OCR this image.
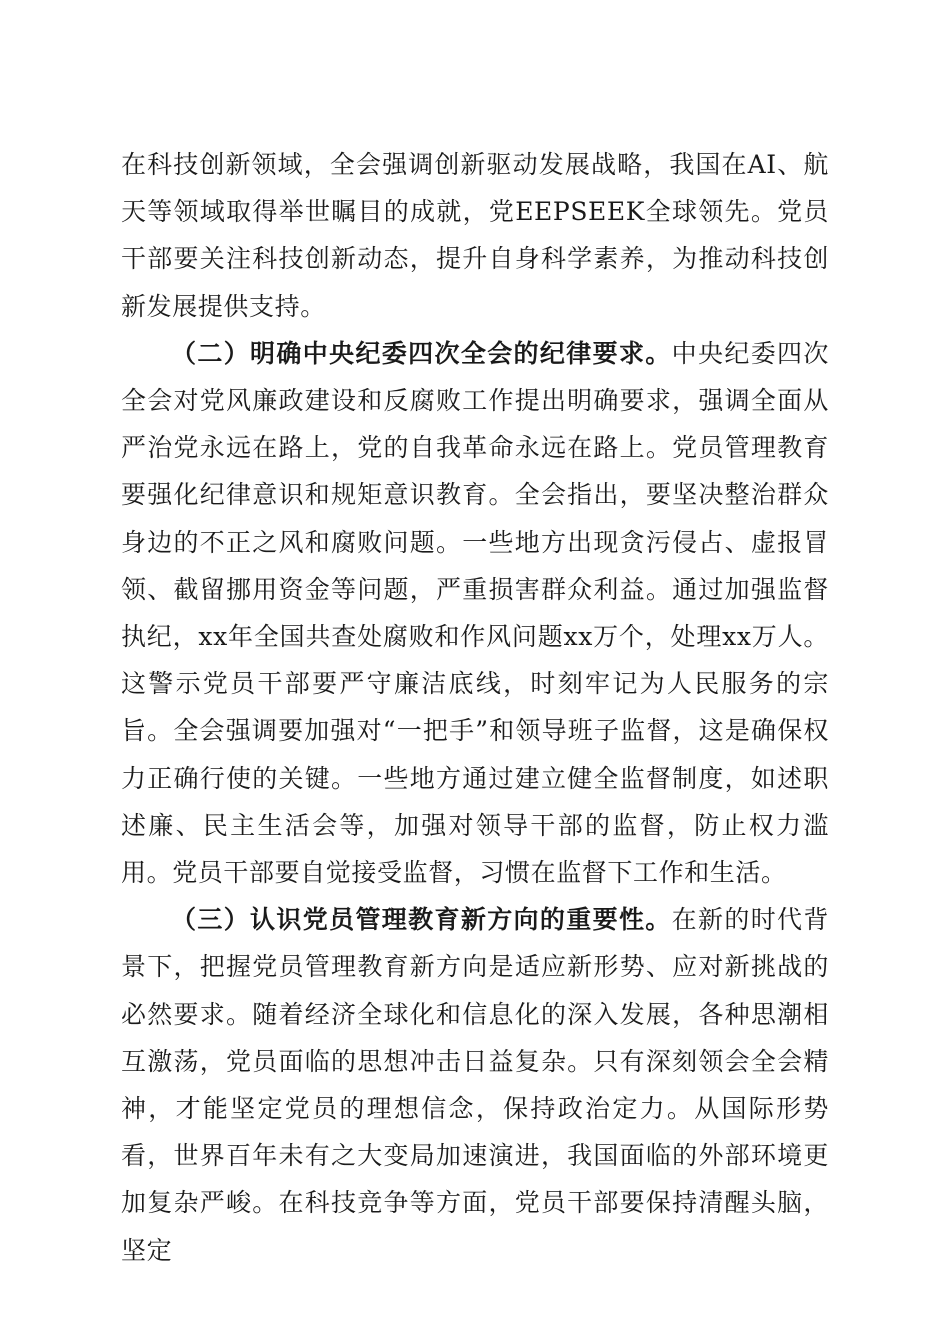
在科技创新领域，全会强调创新驱动发展战略，我国在AI、航天等领域取得举世瞩目的成就，党EEPSEEK全球领先。党员干部要关注科技创新动态，提升自身科学素养，为推动科技创新发展提供支持。

（二）明确中央纪委四次全会的纪律要求。中央纪委四次全会对党风廉政建设和反腐败工作提出明确要求，强调全面从严治党永远在路上，党的自我革命永远在路上。党员管理教育要强化纪律意识和规矩意识教育。全会指出，要坚决整治群众身边的不正之风和腐败问题。一些地方出现贪污侵占、虚报冒领、截留挪用资金等问题，严重损害群众利益。通过加强监督执纪，xx年全国共查处腐败和作风问题xx万个，处理xx万人。这警示党员干部要严守廉洁底线，时刻牢记为人民服务的宗旨。全会强调要加强对“一把手”和领导班子监督，这是确保权力正确行使的关键。一些地方通过建立健全监督制度，如述职述廉、民主生活会等，加强对领导干部的监督，防止权力滥用。党员干部要自觉接受监督，习惯在监督下工作和生活。

（三）认识党员管理教育新方向的重要性。在新的时代背景下，把握党员管理教育新方向是适应新形势、应对新挑战的必然要求。随着经济全球化和信息化的深入发展，各种思潮相互激荡，党员面临的思想冲击日益复杂。只有深刻领会全会精神，才能坚定党员的理想信念，保持政治定力。从国际形势看，世界百年未有之大变局加速演进，我国面临的外部环境更加复杂严峻。在科技竞争等方面，党员干部要保持清醒头脑，坚定
